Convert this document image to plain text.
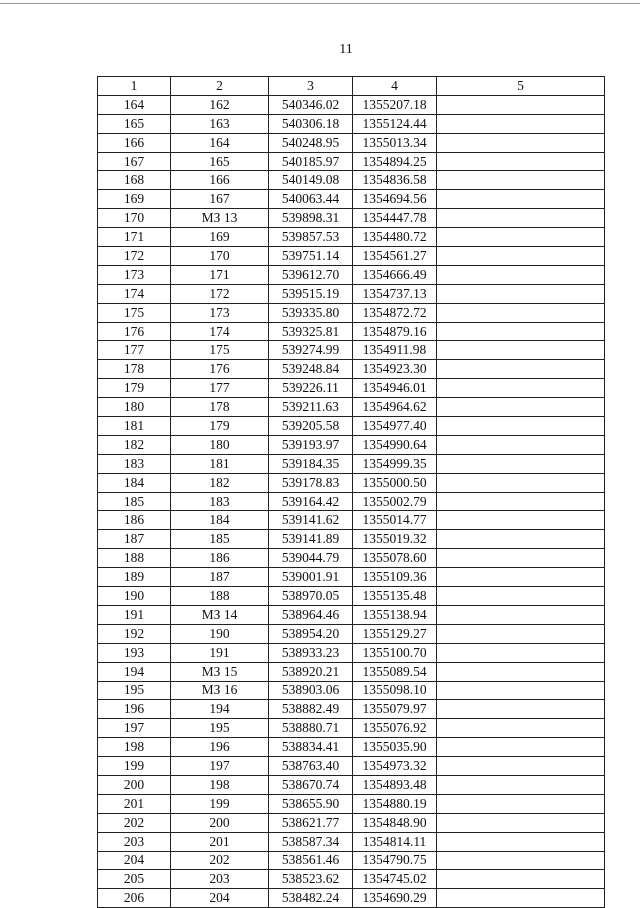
11
1	2	3	4	5
164	162	540346.02	1355207.18	
165	163	540306.18	1355124.44	
166	164	540248.95	1355013.34	
167	165	540185.97	1354894.25	
168	166	540149.08	1354836.58	
169	167	540063.44	1354694.56	
170	МЗ 13	539898.31	1354447.78	
171	169	539857.53	1354480.72	
172	170	539751.14	1354561.27	
173	171	539612.70	1354666.49	
174	172	539515.19	1354737.13	
175	173	539335.80	1354872.72	
176	174	539325.81	1354879.16	
177	175	539274.99	1354911.98	
178	176	539248.84	1354923.30	
179	177	539226.11	1354946.01	
180	178	539211.63	1354964.62	
181	179	539205.58	1354977.40	
182	180	539193.97	1354990.64	
183	181	539184.35	1354999.35	
184	182	539178.83	1355000.50	
185	183	539164.42	1355002.79	
186	184	539141.62	1355014.77	
187	185	539141.89	1355019.32	
188	186	539044.79	1355078.60	
189	187	539001.91	1355109.36	
190	188	538970.05	1355135.48	
191	МЗ 14	538964.46	1355138.94	
192	190	538954.20	1355129.27	
193	191	538933.23	1355100.70	
194	МЗ 15	538920.21	1355089.54	
195	МЗ 16	538903.06	1355098.10	
196	194	538882.49	1355079.97	
197	195	538880.71	1355076.92	
198	196	538834.41	1355035.90	
199	197	538763.40	1354973.32	
200	198	538670.74	1354893.48	
201	199	538655.90	1354880.19	
202	200	538621.77	1354848.90	
203	201	538587.34	1354814.11	
204	202	538561.46	1354790.75	
205	203	538523.62	1354745.02	
206	204	538482.24	1354690.29	
